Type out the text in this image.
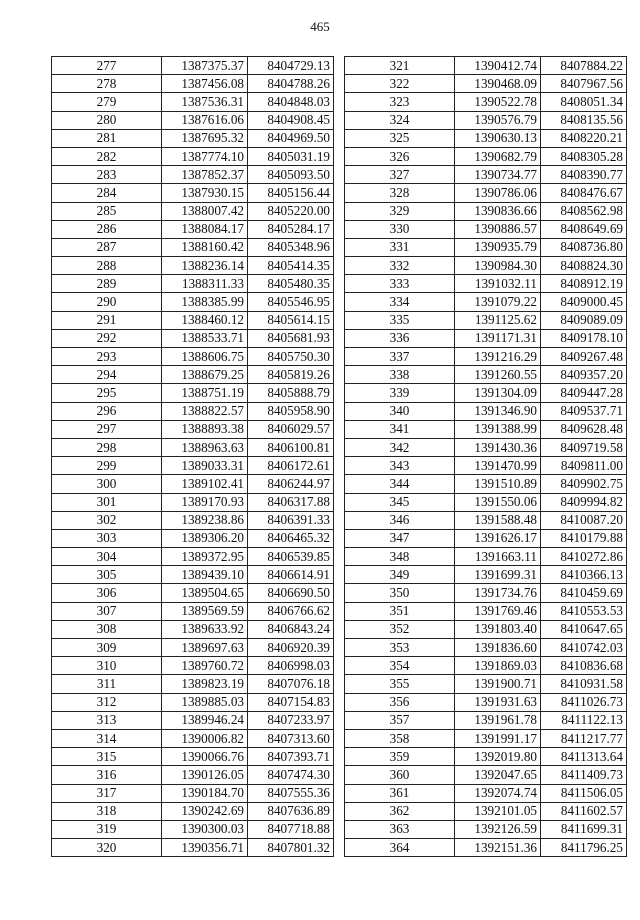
465
277	1387375.37	8404729.13
278	1387456.08	8404788.26
279	1387536.31	8404848.03
280	1387616.06	8404908.45
281	1387695.32	8404969.50
282	1387774.10	8405031.19
283	1387852.37	8405093.50
284	1387930.15	8405156.44
285	1388007.42	8405220.00
286	1388084.17	8405284.17
287	1388160.42	8405348.96
288	1388236.14	8405414.35
289	1388311.33	8405480.35
290	1388385.99	8405546.95
291	1388460.12	8405614.15
292	1388533.71	8405681.93
293	1388606.75	8405750.30
294	1388679.25	8405819.26
295	1388751.19	8405888.79
296	1388822.57	8405958.90
297	1388893.38	8406029.57
298	1388963.63	8406100.81
299	1389033.31	8406172.61
300	1389102.41	8406244.97
301	1389170.93	8406317.88
302	1389238.86	8406391.33
303	1389306.20	8406465.32
304	1389372.95	8406539.85
305	1389439.10	8406614.91
306	1389504.65	8406690.50
307	1389569.59	8406766.62
308	1389633.92	8406843.24
309	1389697.63	8406920.39
310	1389760.72	8406998.03
311	1389823.19	8407076.18
312	1389885.03	8407154.83
313	1389946.24	8407233.97
314	1390006.82	8407313.60
315	1390066.76	8407393.71
316	1390126.05	8407474.30
317	1390184.70	8407555.36
318	1390242.69	8407636.89
319	1390300.03	8407718.88
320	1390356.71	8407801.32
321	1390412.74	8407884.22
322	1390468.09	8407967.56
323	1390522.78	8408051.34
324	1390576.79	8408135.56
325	1390630.13	8408220.21
326	1390682.79	8408305.28
327	1390734.77	8408390.77
328	1390786.06	8408476.67
329	1390836.66	8408562.98
330	1390886.57	8408649.69
331	1390935.79	8408736.80
332	1390984.30	8408824.30
333	1391032.11	8408912.19
334	1391079.22	8409000.45
335	1391125.62	8409089.09
336	1391171.31	8409178.10
337	1391216.29	8409267.48
338	1391260.55	8409357.20
339	1391304.09	8409447.28
340	1391346.90	8409537.71
341	1391388.99	8409628.48
342	1391430.36	8409719.58
343	1391470.99	8409811.00
344	1391510.89	8409902.75
345	1391550.06	8409994.82
346	1391588.48	8410087.20
347	1391626.17	8410179.88
348	1391663.11	8410272.86
349	1391699.31	8410366.13
350	1391734.76	8410459.69
351	1391769.46	8410553.53
352	1391803.40	8410647.65
353	1391836.60	8410742.03
354	1391869.03	8410836.68
355	1391900.71	8410931.58
356	1391931.63	8411026.73
357	1391961.78	8411122.13
358	1391991.17	8411217.77
359	1392019.80	8411313.64
360	1392047.65	8411409.73
361	1392074.74	8411506.05
362	1392101.05	8411602.57
363	1392126.59	8411699.31
364	1392151.36	8411796.25
